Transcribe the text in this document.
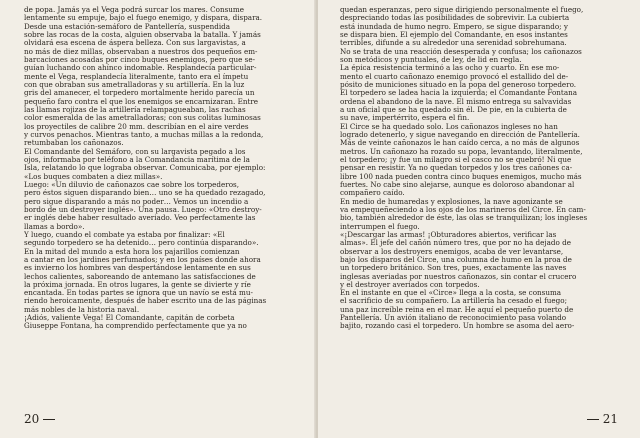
de popa. Jamás ya el Vega podrá surcar los mares. Consume
lentamente su empuje, bajo el fuego enemigo, y dispara, dispara.
Desde una estación-semáforo de Pantellería, suspendida
sobre las rocas de la costa, alguien observaba la batalla. Y jamás
olvidará esa escena de áspera belleza. Con sus largavistas, a
no más de diez millas, observaban a nuestros dos pequeños em-
barcaciones acosadas por cinco buques enemigos, pero que se-
guían luchando con ahínco indomable. Resplandecía particular-
mente el Vega, resplandecía literalmente, tanto era el ímpetu
con que obraban sus ametralladoras y su artillería. En la luz
gris del amanecer, el torpedero mortalmente herido parecía un
pequeño faro contra el que los enemigos se encarnizaran. Entre
las llamas rojizas de la artillería relampagueaban, las rachas
color esmeralda de las ametralladoras; con sus colitas luminosas
los proyectiles de calibre 20 mm. describían en el aire verdes
y curvos penachos. Mientras tanto, a muchas millas a la redonda,
retumbaban los cañonazos.
El Comandante del Semáforo, con su largavista pegado a los
ojos, informaba por teléfono a la Comandancia marítima de la
Isla, relatando lo que lograba observar. Comunicaba, por ejemplo:
«Los buques combaten a diez millas».
Luego: «Un diluvio de cañonazos cae sobre los torpederos,
pero éstos siguen disparando bien… uno se ha quedado rezagado,
pero sigue disparando a más no poder… Vemos un incendio a
bordo de un destroyer inglés». Una pausa. Luego: «Otro destroy-
er inglés debe haber resultado averiado. Veo perfectamente las
llamas a bordo».
Y luego, cuando el combate ya estaba por finalizar: «El
segundo torpedero se ha detenido… pero continúa disparando».
En la mitad del mundo a esta hora los pajarillos comienzan
a cantar en los jardines perfumados; y en los países donde ahora
es invierno los hombres van despertándose lentamente en sus
lechos calientes, saboreando de antemano las satisfacciones de
la próxima jornada. En otros lugares, la gente se divierte y ríe
encantada. En todas partes se ignora que un navío se está mu-
riendo heroicamente, después de haber escrito una de las páginas
más nobles de la historia naval.
¡Adiós, valiente Vega! El Comandante, capitán de corbeta
Giuseppe Fontana, ha comprendido perfectamente que ya no
20
quedan esperanzas, pero sigue dirigiendo personalmente el fuego,
despreciando todas las posibilidades de sobrevivir. La cubierta
está inundada de humo negro. Empero, se sigue disparando; y
se dispara bien. El ejemplo del Comandante, en esos instantes
terribles, difunde a su alrededor una serenidad sobrehumana.
No se trata de una reacción desesperada y confusa; los cañonazos
son metódicos y puntuales, de ley, de lid en regla.
La épica resistencia terminó a las ocho y cuarto. En ese mo-
mento el cuarto cañonazo enemigo provocó el estallido del de-
pósito de municiones situado en la popa del generoso torpedero.
El torpedero se ladea hacia la izquierda; el Comandante Fontana
ordena el abandono de la nave. El mismo entrega su salvavidas
a un oficial que se ha quedado sin él. De pie, en la cubierta de
su nave, impertérrito, espera el fin.
El Circe se ha quedado solo. Los cañonazos ingleses no han
logrado detenerlo, y sigue navegando en dirección de Pantellería.
Más de veinte cañonazos le han caído cerca, a no más de algunos
metros. Un cañonazo ha rozado su popa, levantando, literalmente,
el torpedero; ¡y fue un milagro si el casco no se quebró! Ni que
pensar en resistir. Ya no quedan torpedos y los tres cañones ca-
libre 100 nada pueden contra cinco buques enemigos, mucho más
fuertes. No cabe sino alejarse, aunque es doloroso abandonar al
compañero caído.
En medio de humaredas y explosiones, la nave agonizante se
va empequeñeciendo a los ojos de los marineros del Circe. En cam-
bio, también alrededor de éste, las olas se tranquilizan; los ingleses
interrumpen el fuego.
«¡Descargar las armas! ¡Obturadores abiertos, verificar las
almas». El jefe del cañón número tres, que por no ha dejado de
observar a los destroyers enemigos, acaba de ver levantarse,
bajo los disparos del Circe, una columna de humo en la proa de
un torpedero británico. Son tres, pues, exactamente las naves
inglesas averiadas por nuestros cañonazos, sin contar el crucero
y el destroyer averiados con torpedos.
En el instante en que el «Circe» llega a la costa, se consuma
el sacrificio de su compañero. La artillería ha cesado el fuego;
una paz increíble reina en el mar. He aquí el pequeño puerto de
Pantellería. Un avión italiano de reconocimiento pasa volando
bajito, rozando casi el torpedero. Un hombre se asoma del aero-
21
